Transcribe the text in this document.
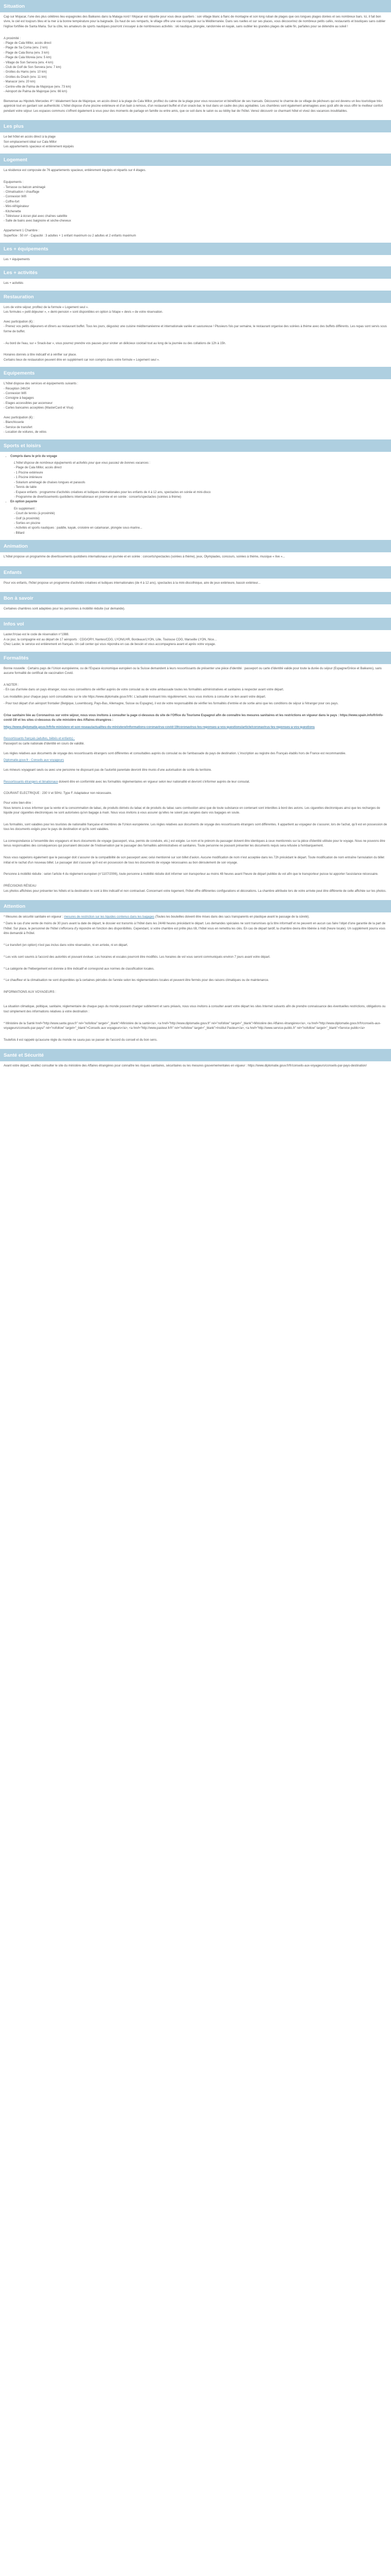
Situation

Cap sur Mojacar, l'une des plus célèbres lieu espagnoles des Baléares dans la Malaga nord ! Mojacar est répartie pour vous deux quartiers : son village blanc à flanc de montagne et son long ruban de plages que ces longues plages dorées et ses nombreux bars. Ici, il fait bon vivre, le ciel est toujours bleu et la mer à la bonne température pour la baignade. Du haut de ses remparts, le village offre une vue incroyable sur la Méditerranée. Dans ses ruelles et sur ses places, vous découvrirez de nombreux petits cafés, restaurants et boutiques sans oublier l'église fortifiée de Santa Maria. Sur la côte, les amateurs de sports nautiques pourront s'essayer à de nombreuses activités : ski nautique, plongée, randonnée en kayak, sans oublier les grandes plages de sable fin, parfaites pour se détendre au soleil !

A proximité :
- Plage de Cala Millor, accès direct
- Plage de Sa Coma (env. 2 km)
- Plage de Cala Bona (env. 3 km)
- Plage de Cala Moreia (env. 5 km)
- Village de Son Servera (env. 4 km)
- Club de Golf de Son Servera (env. 7 km)
- Grottes du Hams (env. 10 km)
- Grottes du Drach (env. 11 km)
- Manacor (env. 20 km)
- Centre-ville de Palma de Majorque (env. 73 km)
- Aéroport de Palma de Majorque (env. 66 km)

Bienvenue au Hipotels Mercedes 4* ! Idéalement face de Majorque, en accès direct à la plage de Cala Millor, profitez du calme de la plage pour vous ressourcer et bénéficier de ses transats. Découvrez le charme de ce village de pêcheurs qui est devenu un lieu touristique très apprécié tout en gardant son authenticité. L'hôtel dispose d'une piscine extérieure et d'un bain à remous, d'un restaurant buffet et d'un snack-bar, le tout dans un cadre des plus agréables. Les chambres sont également aménagées avec goût afin de vous offrir le meilleur confort pendant votre séjour. Les espaces communs s'offrent également à vous pour des moments de partage en famille ou entre amis, que ce soit dans le salon ou au lobby bar de l'hôtel. Venez découvrir ce charmant hôtel et vivez des vacances inoubliables.

Les plus
Le bel hôtel en accès direct à la plage
Son emplacement idéal sur Cala Millor
Les appartements spacieux et entièrement équipés
Logement

La résidence est composée de 76 appartements spacieux, entièrement équipés et répartis sur 4 étages.

Equipements :
- Terrasse ou balcon aménagé
- Climatisation / chauffage
- Connexion Wifi
- Coffre-fort
- Mini-réfrigérateur
- Kitchenette
- Téléviseur à écran plat avec chaînes satellite
- Salle de bains avec baignoire et sèche-cheveux
Appartement 1 Chambre :
Superficie : 50 m² - Capacité : 3 adultes + 1 enfant maximum ou 2 adultes et 2 enfants maximum
Les + équipements
Les + équipements
Les + activités
Les + activités
Restauration
Lors de votre séjour, profitez de la formule « Logement seul ».
Les formules « petit déjeuner », « demi-pension » sont disponibles en option à l'étape « devis » de votre réservation.
Avec participation (€) :

- Prenez vos petits déjeuners et dîners au restaurant buffet. Tous les jours, dégustez une cuisine méditerranéenne et internationale variée et savoureuse ! Plusieurs fois par semaine, le restaurant organise des soirées à thème avec des buffets différents. Les repas sont servis sous forme de buffet.

- Au bord de l'eau, sur « Snack-bar », vous pourrez prendre vos pauses pour siroter un délicieux cocktail tout au long de la journée ou des collations de 12h à 15h.

Horaires donnés à titre indicatif et à vérifier sur place.
Certains lieux de restauration peuvent être en supplément car non compris dans votre formule « Logement seul ».
Equipements
L'hôtel dispose des services et équipements suivants :
- Réception 24h/24
- Connexion Wifi
- Consigne à bagages
- Etages accessibles par ascenseur
- Cartes bancaires acceptées (MasterCard et Visa)
Avec participation (€) :
- Blanchisserie
- Service de transfert
- Location de voitures, de vélos
Sports et loisirs
• Compris dans le prix du voyage
L'hôtel dispose de nombreux équipements et activités pour que vous passiez de bonnes vacances :
- Plage de Cala Millor, accès direct
- 1 Piscine extérieure
- 1 Piscine intérieure
- Solarium aménagé de chaises longues et parasols
- Tennis de table
- Espace enfants : programme d'activités créatives et ludiques internationales pour les enfants de 4 à 12 ans, spectacles en soirée et mini-disco
- Programme de divertissements quotidiens internationaux en journée et en soirée : concerts/spectacles (soirées à thème)
• En option payante
En supplément :
- Court de tennis (à proximité)
- Golf (à proximité)
- Sorties en piscine
- Activités et sports nautiques : paddle, kayak, croisière en catamaran, plongée sous-marine...
- Billard
Animation

L'hôtel propose un programme de divertissements quotidiens internationaux en journée et en soirée : concerts/spectacles (soirées à thème), jeux, Olympiades, concours, soirées à thème, musique « live »...

Enfants

Pour vos enfants, l'hôtel propose un programme d'activités créatives et ludiques internationales (de 4 à 12 ans), spectacles à la mini-discothèque, aire de jeux extérieure, bassin extérieur...

Bon à savoir

Certaines chambres sont adaptées pour les personnes à mobilité réduite (sur demande).

Infos vol
Laster.fr/ciao est le code de réservation n°1988.
A ce jour, la compagnie est au départ de 17 aéroports : CDG/ORY, Nantes/CDG, LYON/LHR, Bordeaux/LYON, Lille, Toulouse CDG, Marseille LYON, Nice…
Chez Laster, le service est entièrement en français. Un call center qui vous répondra en cas de besoin et vous accompagnera avant et après votre voyage.
Formalités

Bonne nouvelle : Certains pays de l'Union européenne, ou de l'Espace économique européen ou la Suisse demandent à leurs ressortissants de présenter une pièce d'identité : passeport ou carte d'identité valide pour toute la durée du séjour (Espagne/Grèce et Baléares), sans aucune formalité de certificat de vaccination Covid.

A NOTER :

- En cas d'arrivée dans un pays étranger, nous vous conseillons de vérifier auprès de votre consulat ou de votre ambassade toutes les formalités administratives et sanitaires à respecter avant votre départ.

Les modalités pour chaque pays sont consultables sur le site https://www.diplomatie.gouv.fr/fr/. L'actualité évoluant très régulièrement, nous vous invitons à consulter ce lien avant votre départ.

- Pour tout départ d'un aéroport frontalier (Belgique, Luxembourg, Pays-Bas, Allemagne, Suisse ou Espagne), il est de votre responsabilité de vérifier les formalités d'entrée et de sortie ainsi que les conditions de séjour à l'étranger pour ces pays.

Crise sanitaire liée au Coronavirus sur votre séjour, nous vous invitons à consulter la page ci-dessous du site de l'Office du Tourisme Espagnol afin de connaître les mesures sanitaires et les restrictions en vigueur dans le pays : https://www.spain.info/fr/info-covid-19/ et les sites ci-dessous du site ministère des Affaires étrangères :

https://www.diplomatie.gouv.fr/fr/le-ministere-et-son-reseau/actualites-du-ministere/informations-coronavirus-covid-19/coronavirus-les-reponses-a-vos-questions/article/coronavirus-les-reponses-a-vos-questions

Ressortissants français (adultes, bébés et enfants) :
Passeport ou carte nationale d'identité en cours de validité.

Les règles relatives aux documents de voyage des ressortissants étrangers sont différentes et consultables auprès du consulat ou de l'ambassade du pays de destination. L'inscription au registre des Français établis hors de France est recommandée.

Diplomatie.gouv.fr - Conseils aux voyageurs

Les mineurs voyageant seuls ou avec une personne ne disposant pas de l'autorité parentale devront être munis d'une autorisation de sortie du territoire.

Ressortissants étrangers et binationaux doivent être en conformité avec les formalités réglementaires en vigueur selon leur nationalité et devront s'informer auprès de leur consulat.

COURANT ELECTRIQUE : 230 V et 50Hz. Type F. Adaptateur non nécessaire.
Pour votre bien-être :

Nous tenons à vous informer que la vente et la consommation de tabac, de produits dérivés du tabac et de produits du tabac sans combustion ainsi que de toute substance en contenant sont interdites à bord des avions. Les cigarettes électroniques ainsi que les recharges de liquide pour cigarettes électroniques ne sont autorisées qu'en bagage à main. Nous vous invitons à vous assurer qu'elles ne soient pas rangées dans vos bagages en soute.

Les formalités, sont valables pour les touristes de nationalité française et membres de l'Union européenne. Les règles relatives aux documents de voyage des ressortissants étrangers sont différentes. Il appartient au voyageur de s'assurer, lors de l'achat, qu'il est en possession de tous les documents exigés pour le pays de destination et qu'ils sont valables.

La correspondance à l'ensemble des voyageurs et leurs documents de voyage (passeport, visa, permis de conduire, etc.) est exigée. Le nom et le prénom du passager doivent être identiques à ceux mentionnés sur la pièce d'identité utilisée pour le voyage. Nous ne pouvons être tenus responsables des conséquences qui pourraient découler de l'inobservation par le passager des formalités administratives et sanitaires. Toute personne ne pouvant présenter les documents requis sera refusée à l'embarquement.

Nous vous rappelons également que le passager doit s'assurer de la compatibilité de son passeport avec celui mentionné sur son billet d'avion. Aucune modification de nom n'est acceptée dans les 72h précédant le départ. Toute modification de nom entraîne l'annulation du billet initial et le rachat d'un nouveau billet. Le passager doit s'assurer qu'il est en possession de tous les documents de voyage nécessaires au bon déroulement de son voyage.

Personne à mobilité réduite : selon l'article 4 du règlement européen (n°1107/2006), toute personne à mobilité réduite doit informer son transporteur au moins 48 heures avant l'heure de départ publiée du vol afin que le transporteur puisse lui apporter l'assistance nécessaire.

PRÉCISIONS RÉSEAU

Les photos affichées pour présenter les hôtels et la destination le sont à titre indicatif et non contractuel. Concernant votre logement, l'hôtel offre différentes configurations et décorations. La chambre attribuée lors de votre arrivée peut être différente de celle affichée sur les photos.

Attention

* Mesures de sécurité sanitaire en vigueur : mesures de restriction sur les liquides contenus dans les bagages (Toutes les bouteilles doivent être mises dans des sacs transparents en plastique avant le passage de la sûreté).

* Dans le cas d'une vente de moins de 30 jours avant la date de départ, le dossier est transmis à l'hôtel dans les 24/48 heures précédant le départ. Les demandes spéciales ne sont transmises qu'à titre informatif et ne peuvent en aucun cas faire l'objet d'une garantie de la part de l'hôtel. Sur place, le personnel de l'hôtel s'efforcera d'y répondre en fonction des disponibilités. Cependant, si votre chambre est prête plus tôt, l'hôtel vous en remettra les clés. En cas de départ tardif, la chambre devra être libérée à midi (heure locale). Un supplément pourra vous être demandé à l'hôtel.

* Le transfert (en option) n'est pas inclus dans votre réservation, ni en arrivée, ni en départ.

* Les vols sont soumis à l'accord des autorités et pouvant évoluer. Les horaires et escales pourront être modifiés. Les horaires de vol vous seront communiqués environ 7 jours avant votre départ.

* La catégorie de l'hébergement est donnée à titre indicatif et correspond aux normes de classification locales.

* Le chauffeur et la climatisation ne sont disponibles qu'à certaines périodes de l'année selon les réglementations locales et peuvent être fermés pour des raisons climatiques ou de maintenance.

INFORMATIONS AUX VOYAGEURS :

La situation climatique, politique, sanitaire, réglementaire de chaque pays du monde pouvant changer subitement et sans préavis, nous vous invitons à consulter avant votre départ les sites Internet suivants afin de prendre connaissance des éventuelles restrictions, obligations ou tout simplement des informations relatives à votre destination :

* Ministère de la Santé href="http://www.sante.gouv.fr" rel="nofollow" target="_blank">Ministère de la santé</a>, <a href="http://www.diplomatie.gouv.fr" rel="nofollow" target="_blank">Ministère des Affaires étrangères</a>, <a href="http://www.diplomatie.gouv.fr/fr/conseils-aux-voyageurs/conseils-par-pays/" rel="nofollow" target="_blank">Conseils aux voyageurs</a>, <a href="http://www.pasteur.fr/fr" rel="nofollow" target="_blank">Institut Pasteur</a>, <a href="http://www.service-public.fr" rel="nofollow" target="_blank">Service public</a>

Toutefois il est rappelé qu'aucune règle du monde ne saura pas se passer de l'accord du conseil et du bon sens.

Santé et Sécurité

Avant votre départ, veuillez consulter le site du ministère des Affaires étrangères pour connaître les risques sanitaires, sécuritaires ou les mesures gouvernementales en vigueur : https://www.diplomatie.gouv.fr/fr/conseils-aux-voyageurs/conseils-par-pays-destination/
